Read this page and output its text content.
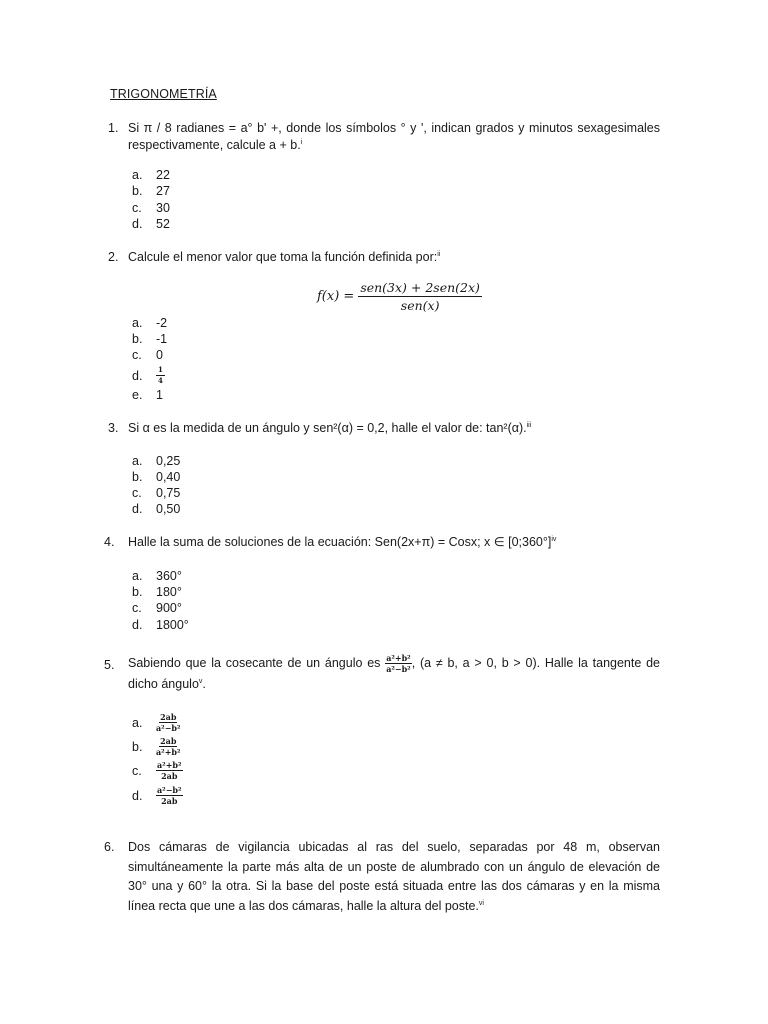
TRIGONOMETRÍA
1. Si π / 8 radianes = a° b' +, donde los símbolos ° y ', indican grados y minutos sexagesimales respectivamente, calcule a + b.$^i$
a. 22
b. 27
c. 30
d. 52
2. Calcule el menor valor que toma la función definida por:$^{ii}$
$f(x) = \frac{\text{sen(3x) + 2sen(2x)}}{\text{sen(x)}}$
a. -2
b. -1
c. 0
d. $\frac{1}{4}$
e. 1
3. Si α es la medida de un ángulo y sen²(α) = 0,2, halle el valor de: tan²(α).$^{iii}$
a. 0,25
b. 0,40
c. 0,75
d. 0,50
4. Halle la suma de soluciones de la ecuación: Sen(2x+π) = Cosx; x ∈ [0;360°]$^{iv}$
a. 360°
b. 180°
c. 900°
d. 1800°
5. Sabiendo que la cosecante de un ángulo es $\frac{\text{a²+b²}}{\text{a²−b²}}$ , (a ≠ b, a > 0, b > 0). Halle la tangente de dicho ángulo$^v$.
a. $\frac{2ab}{\text{a²−b²}}$
b. $\frac{2ab}{\text{a²+b²}}$
c. $\frac{\text{a²+b²}}{2ab}$
d. $\frac{\text{a²−b²}}{2ab}$
6. Dos cámaras de vigilancia ubicadas al ras del suelo, separadas por 48 m, observan simultáneamente la parte más alta de un poste de alumbrado con un ángulo de elevación de 30° una y 60° la otra. Si la base del poste está situada entre las dos cámaras y en la misma línea recta que une a las dos cámaras, halle la altura del poste.$^{vi}$
